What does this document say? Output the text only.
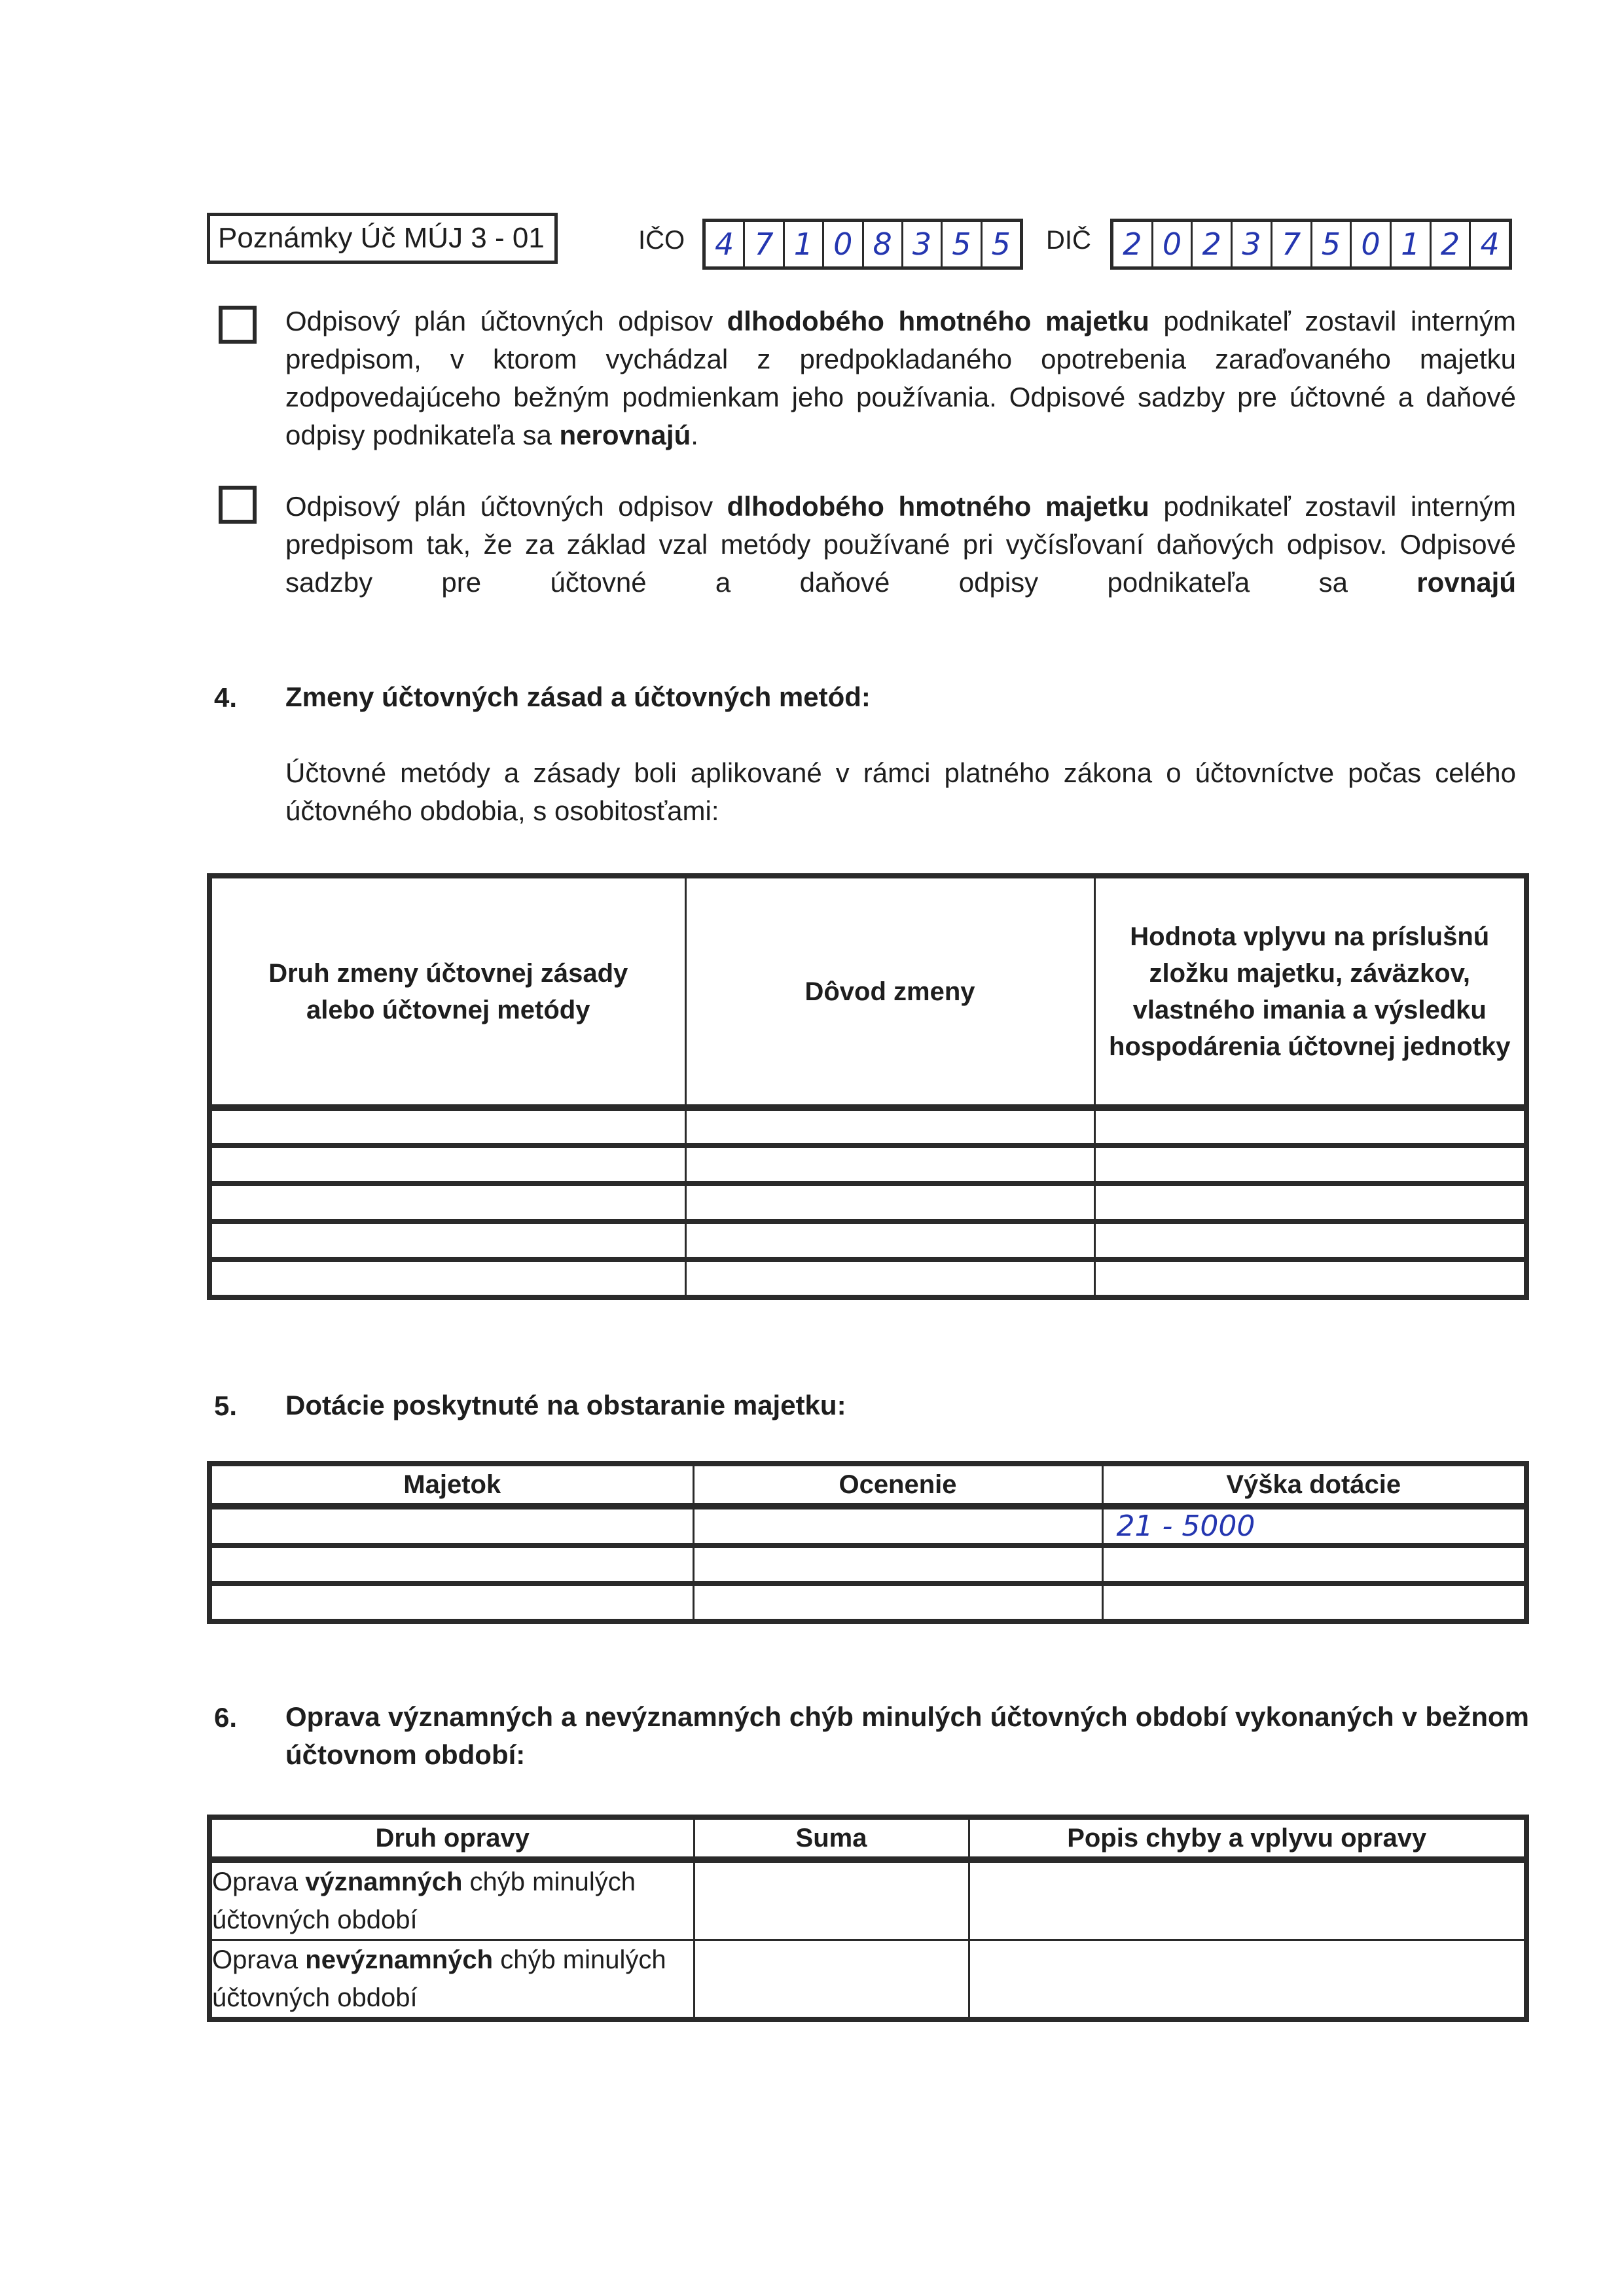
Poznámky Úč MÚJ 3 - 01	IČO 4 7 1 0 8 3 5 5	DIČ	2 0 2 3 7 5 0 1 2 4
Odpisový plán účtovných odpisov dlhodobého hmotného majetku podnikateľ zostavil interným predpisom, v ktorom vychádzal z predpokladaného opotrebenia zaraďovaného majetku zodpovedajúceho bežným podmienkam jeho používania. Odpisové sadzby pre účtovné a daňové odpisy podnikateľa sa nerovnajú.
Odpisový plán účtovných odpisov dlhodobého hmotného majetku podnikateľ zostavil interným predpisom tak, že za základ vzal metódy používané pri vyčísľovaní daňových odpisov. Odpisové sadzby pre účtovné a daňové odpisy podnikateľa sa rovnajú
4. Zmeny účtovných zásad a účtovných metód:
Účtovné metódy a zásady boli aplikované v rámci platného zákona o účtovníctve počas celého účtovného obdobia, s osobitosťami:
Druh zmeny účtovnej zásady alebo účtovnej metódy	Dôvod zmeny	Hodnota vplyvu na príslušnú zložku majetku, záväzkov, vlastného imania a výsledku hospodárenia účtovnej jednotky

5. Dotácie poskytnuté na obstaranie majetku:
Majetok	Ocenenie	Výška dotácie
		21 - 5000

6. Oprava významných a nevýznamných chýb minulých účtovných období vykonaných v bežnom účtovnom období:
Druh opravy	Suma	Popis chyby a vplyvu opravy
Oprava významných chýb minulých účtovných období		
Oprava nevýznamných chýb minulých účtovných období		
